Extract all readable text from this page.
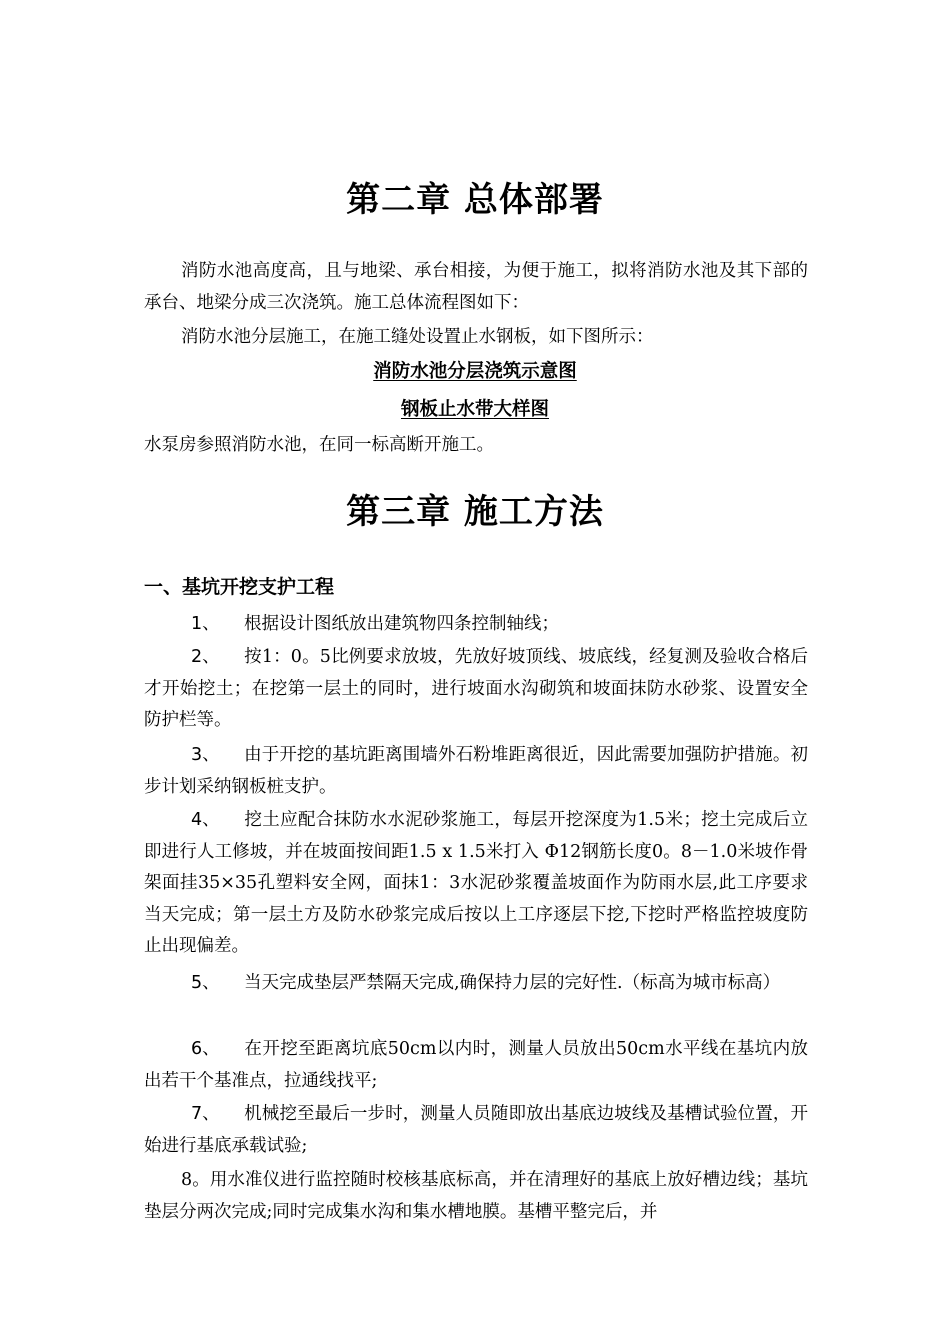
第二章 总体部署

消防水池高度高，且与地梁、承台相接，为便于施工，拟将消防水池及其下部的承台、地梁分成三次浇筑。施工总体流程图如下：

消防水池分层施工，在施工缝处设置止水钢板，如下图所示：

消防水池分层浇筑示意图
钢板止水带大样图

水泵房参照消防水池，在同一标高断开施工。

第三章 施工方法
一、基坑开挖支护工程

1、 根据设计图纸放出建筑物四条控制轴线；

2、 按1：0。5比例要求放坡，先放好坡顶线、坡底线，经复测及验收合格后才开始挖土；在挖第一层土的同时，进行坡面水沟砌筑和坡面抹防水砂浆、设置安全防护栏等。

3、 由于开挖的基坑距离围墙外石粉堆距离很近，因此需要加强防护措施。初步计划采纳钢板桩支护。

4、 挖土应配合抹防水水泥砂浆施工，每层开挖深度为1.5米；挖土完成后立即进行人工修坡，并在坡面按间距1.5 x 1.5米打入 Φ12钢筋长度0。8－1.0米坡作骨架面挂35×35孔塑料安全网，面抹1：3水泥砂浆覆盖坡面作为防雨水层,此工序要求当天完成；第一层土方及防水砂浆完成后按以上工序逐层下挖,下挖时严格监控坡度防止出现偏差。

5、 当天完成垫层严禁隔天完成,确保持力层的完好性.（标高为城市标高）

6、 在开挖至距离坑底50cm以内时，测量人员放出50cm水平线在基坑内放出若干个基准点，拉通线找平;

7、 机械挖至最后一步时，测量人员随即放出基底边坡线及基槽试验位置，开始进行基底承载试验;

8。用水准仪进行监控随时校核基底标高，并在清理好的基底上放好槽边线；基坑垫层分两次完成;同时完成集水沟和集水槽地膜。基槽平整完后，并
